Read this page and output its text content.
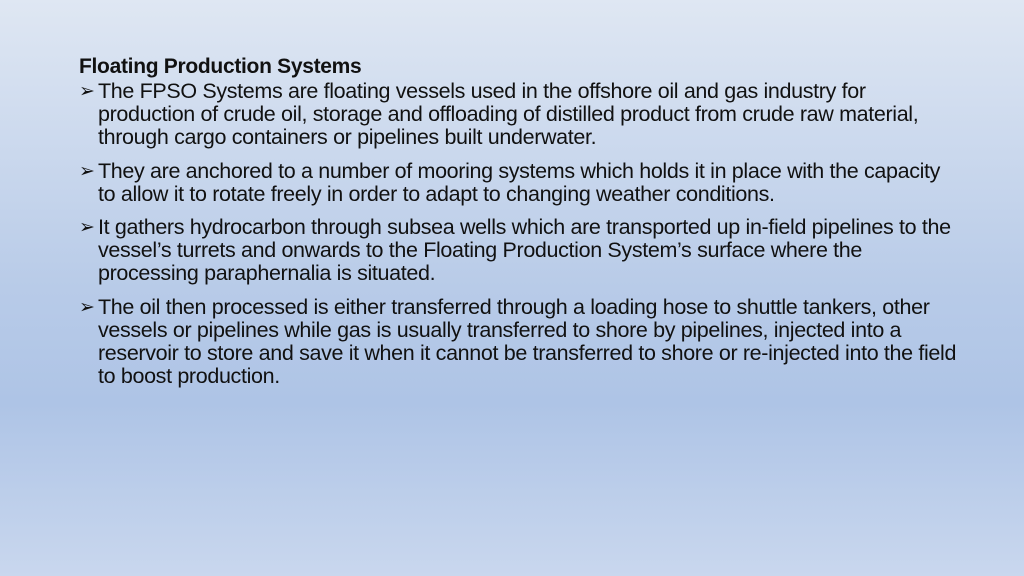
Floating Production Systems
➢ The FPSO Systems are floating vessels used in the offshore oil and gas industry for production of crude oil, storage and offloading of distilled product from crude raw material, through cargo containers or pipelines built underwater.
➢ They are anchored to a number of mooring systems which holds it in place with the capacity to allow it to rotate freely in order to adapt to changing weather conditions.
➢ It gathers hydrocarbon through subsea wells which are transported up in-field pipelines to the vessel’s turrets and onwards to the Floating Production System’s surface where the processing paraphernalia is situated.
➢ The oil then processed is either transferred through a loading hose to shuttle tankers, other vessels or pipelines while gas is usually transferred to shore by pipelines, injected into a reservoir to store and save it when it cannot be transferred to shore or re-injected into the field to boost production.
